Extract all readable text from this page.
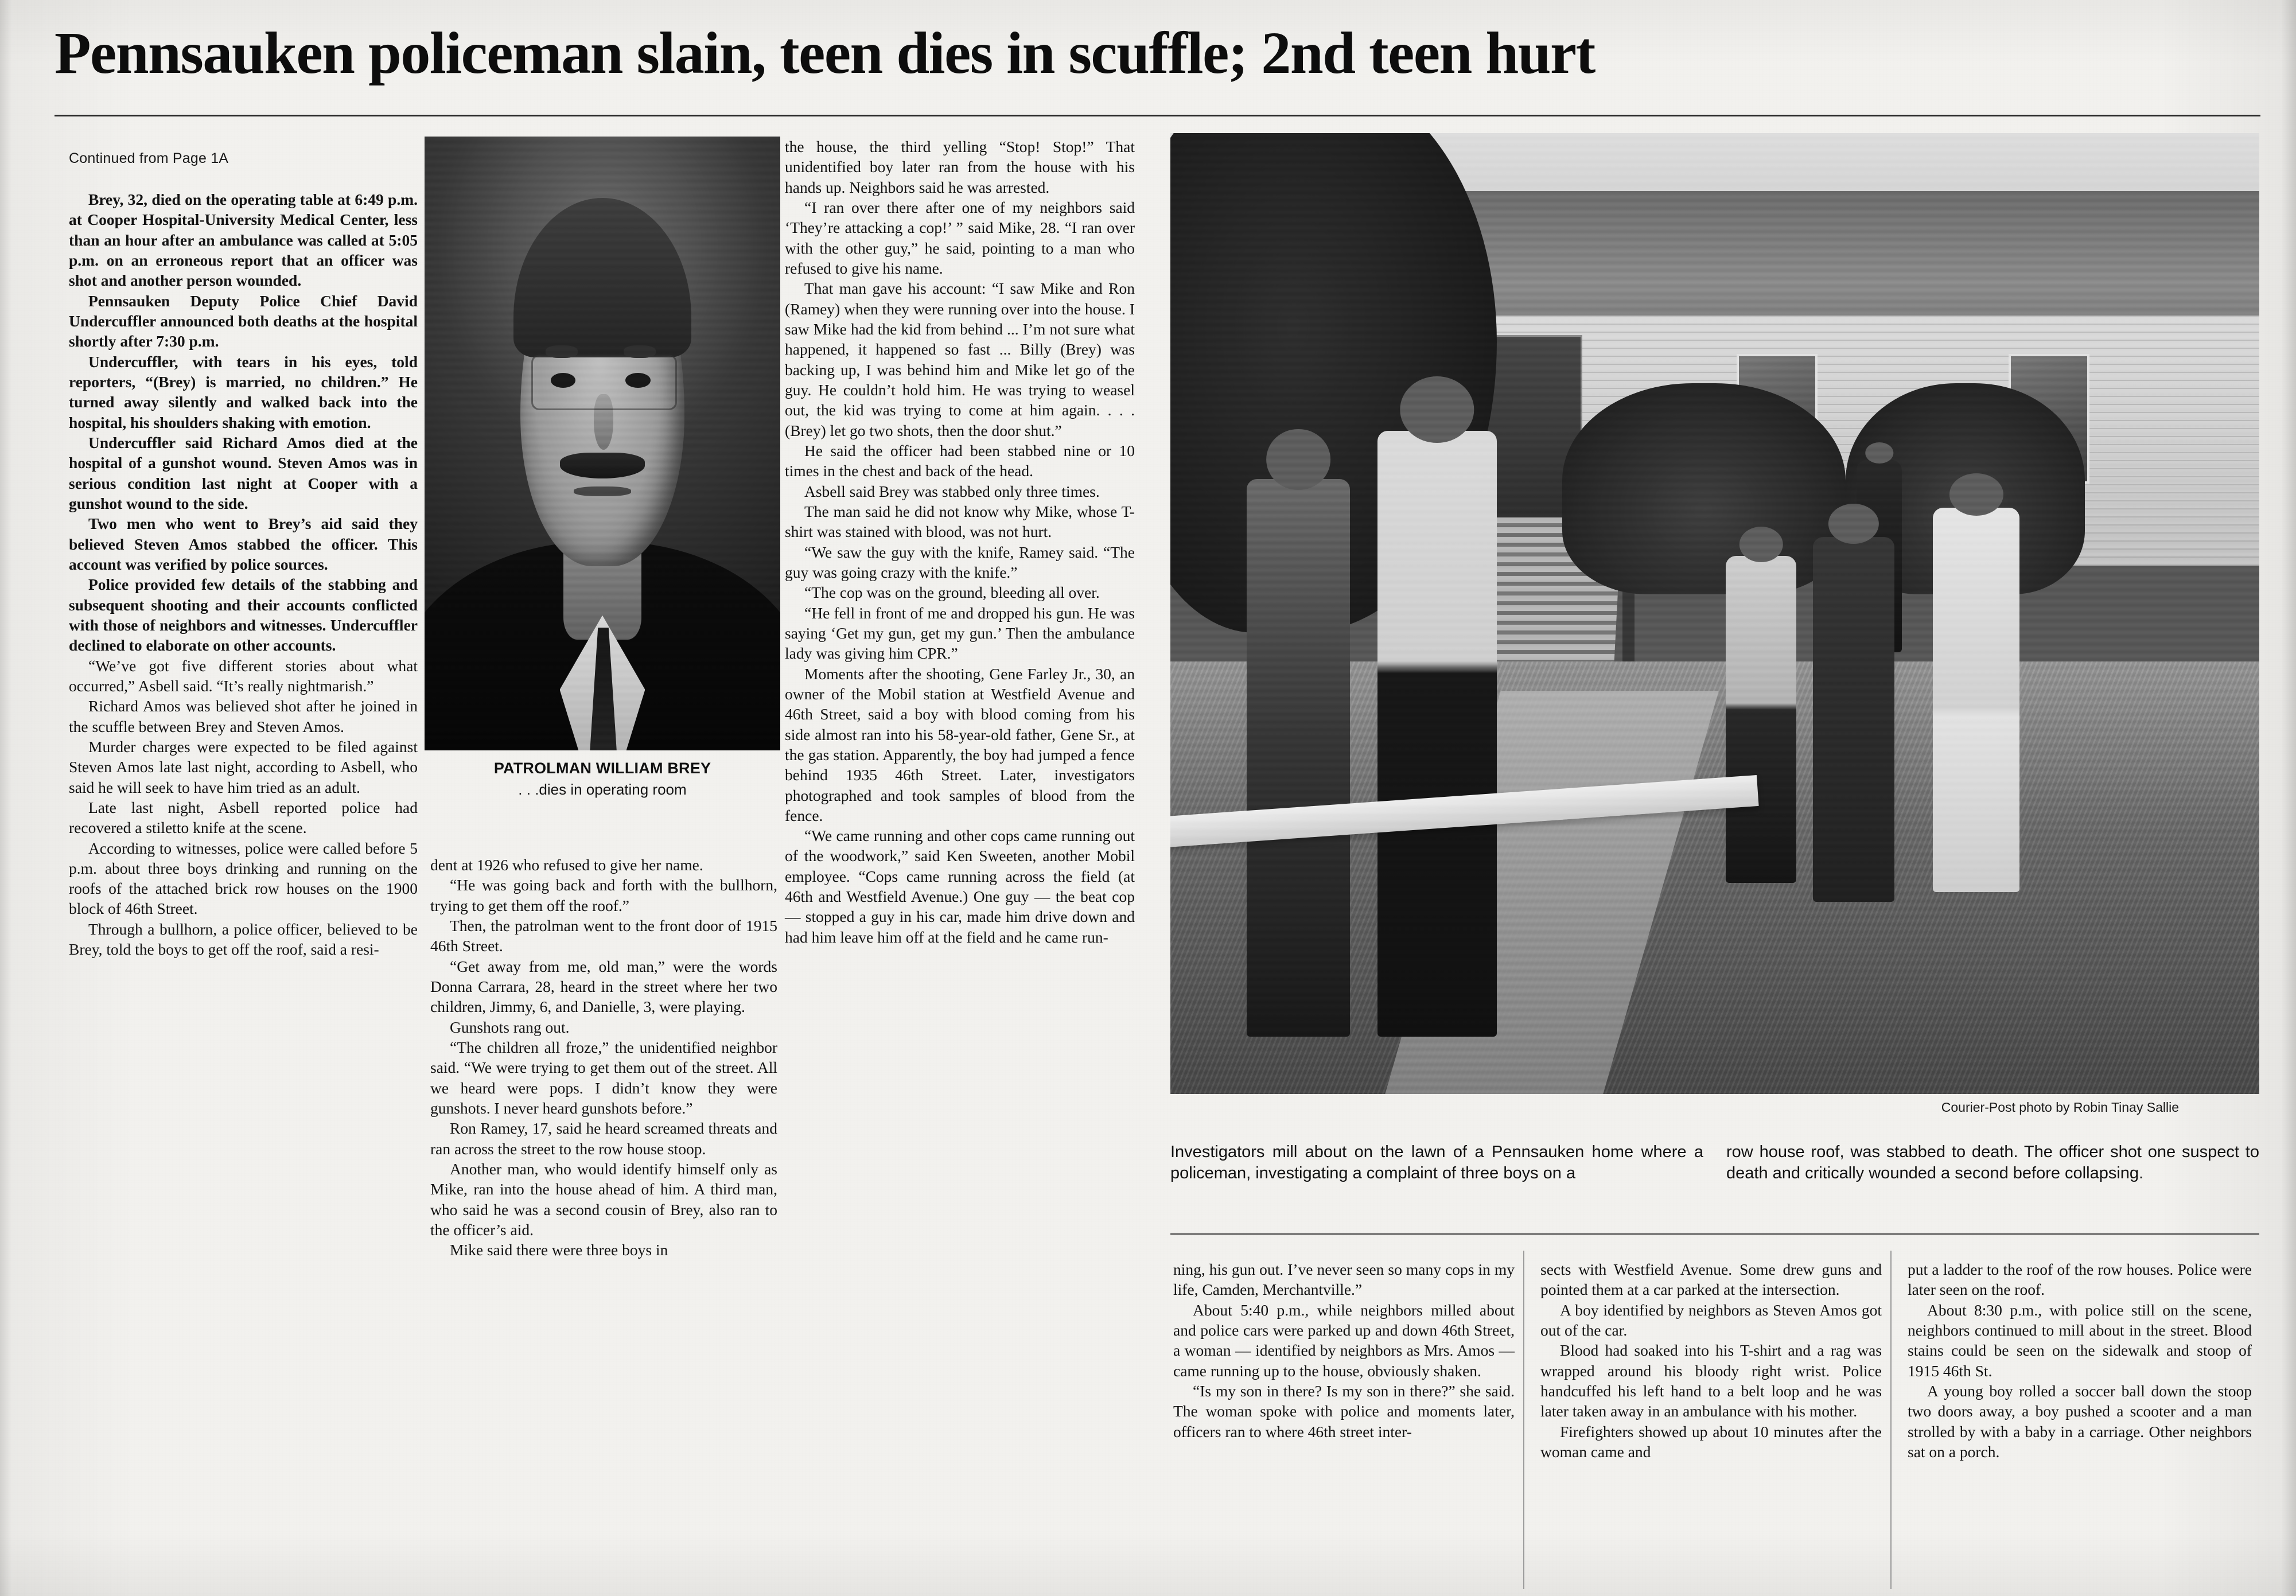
Pennsauken policeman slain, teen dies in scuffle; 2nd teen hurt
Continued from Page 1A

Brey, 32, died on the operating table at 6:49 p.m. at Cooper Hospital-University Medical Center, less than an hour after an ambulance was called at 5:05 p.m. on an erroneous report that an officer was shot and another person wounded.

Pennsauken Deputy Police Chief David Undercuffler announced both deaths at the hospital shortly after 7:30 p.m.

Undercuffler, with tears in his eyes, told reporters, “(Brey) is married, no children.” He turned away silently and walked back into the hospital, his shoulders shaking with emotion.

Undercuffler said Richard Amos died at the hospital of a gunshot wound. Steven Amos was in serious condition last night at Cooper with a gunshot wound to the side.

Two men who went to Brey’s aid said they believed Steven Amos stabbed the officer. This account was verified by police sources.

Police provided few details of the stabbing and subsequent shooting and their accounts conflicted with those of neighbors and witnesses. Undercuffler declined to elaborate on other accounts.

“We’ve got five different stories about what occurred,” Asbell said. “It’s really nightmarish.”

Richard Amos was believed shot after he joined in the scuffle between Brey and Steven Amos.

Murder charges were expected to be filed against Steven Amos late last night, according to Asbell, who said he will seek to have him tried as an adult.

Late last night, Asbell reported police had recovered a stiletto knife at the scene.

According to witnesses, police were called before 5 p.m. about three boys drinking and running on the roofs of the attached brick row houses on the 1900 block of 46th Street.

Through a bullhorn, a police officer, believed to be Brey, told the boys to get off the roof, said a resi-

PATROLMAN WILLIAM BREY
. . .dies in operating room

dent at 1926 who refused to give her name.

“He was going back and forth with the bullhorn, trying to get them off the roof.”

Then, the patrolman went to the front door of 1915 46th Street.

“Get away from me, old man,” were the words Donna Carrara, 28, heard in the street where her two children, Jimmy, 6, and Danielle, 3, were playing.

Gunshots rang out.

“The children all froze,” the unidentified neighbor said. “We were trying to get them out of the street. All we heard were pops. I didn’t know they were gunshots. I never heard gunshots before.”

Ron Ramey, 17, said he heard screamed threats and ran across the street to the row house stoop.

Another man, who would identify himself only as Mike, ran into the house ahead of him. A third man, who said he was a second cousin of Brey, also ran to the officer’s aid.

Mike said there were three boys in

the house, the third yelling “Stop! Stop!” That unidentified boy later ran from the house with his hands up. Neighbors said he was arrested.

“I ran over there after one of my neighbors said ‘They’re attacking a cop!’ ” said Mike, 28. “I ran over with the other guy,” he said, pointing to a man who refused to give his name.

That man gave his account: “I saw Mike and Ron (Ramey) when they were running over into the house. I saw Mike had the kid from behind ... I’m not sure what happened, it happened so fast ... Billy (Brey) was backing up, I was behind him and Mike let go of the guy. He couldn’t hold him. He was trying to weasel out, the kid was trying to come at him again. . . . (Brey) let go two shots, then the door shut.”

He said the officer had been stabbed nine or 10 times in the chest and back of the head.

Asbell said Brey was stabbed only three times.

The man said he did not know why Mike, whose T-shirt was stained with blood, was not hurt.

“We saw the guy with the knife, Ramey said. “The guy was going crazy with the knife.”

“The cop was on the ground, bleeding all over.

“He fell in front of me and dropped his gun. He was saying ‘Get my gun, get my gun.’ Then the ambulance lady was giving him CPR.”

Moments after the shooting, Gene Farley Jr., 30, an owner of the Mobil station at Westfield Avenue and 46th Street, said a boy with blood coming from his side almost ran into his 58-year-old father, Gene Sr., at the gas station. Apparently, the boy had jumped a fence behind 1935 46th Street. Later, investigators photographed and took samples of blood from the fence.

“We came running and other cops came running out of the woodwork,” said Ken Sweeten, another Mobil employee. “Cops came running across the field (at 46th and Westfield Avenue.) One guy — the beat cop — stopped a guy in his car, made him drive down and had him leave him off at the field and he came run-

Courier-Post photo by Robin Tinay Sallie
Investigators mill about on the lawn of a Pennsauken home where a policeman, investigating a complaint of three boys on a
row house roof, was stabbed to death. The officer shot one suspect to death and critically wounded a second before collapsing.

ning, his gun out. I’ve never seen so many cops in my life, Camden, Merchantville.”

About 5:40 p.m., while neighbors milled about and police cars were parked up and down 46th Street, a woman — identified by neighbors as Mrs. Amos — came running up to the house, obviously shaken.

“Is my son in there? Is my son in there?” she said. The woman spoke with police and moments later, officers ran to where 46th street inter-

sects with Westfield Avenue. Some drew guns and pointed them at a car parked at the intersection.

A boy identified by neighbors as Steven Amos got out of the car.

Blood had soaked into his T-shirt and a rag was wrapped around his bloody right wrist. Police handcuffed his left hand to a belt loop and he was later taken away in an ambulance with his mother.

Firefighters showed up about 10 minutes after the woman came and

put a ladder to the roof of the row houses. Police were later seen on the roof.

About 8:30 p.m., with police still on the scene, neighbors continued to mill about in the street. Blood stains could be seen on the sidewalk and stoop of 1915 46th St.

A young boy rolled a soccer ball down the stoop two doors away, a boy pushed a scooter and a man strolled by with a baby in a carriage. Other neighbors sat on a porch.
